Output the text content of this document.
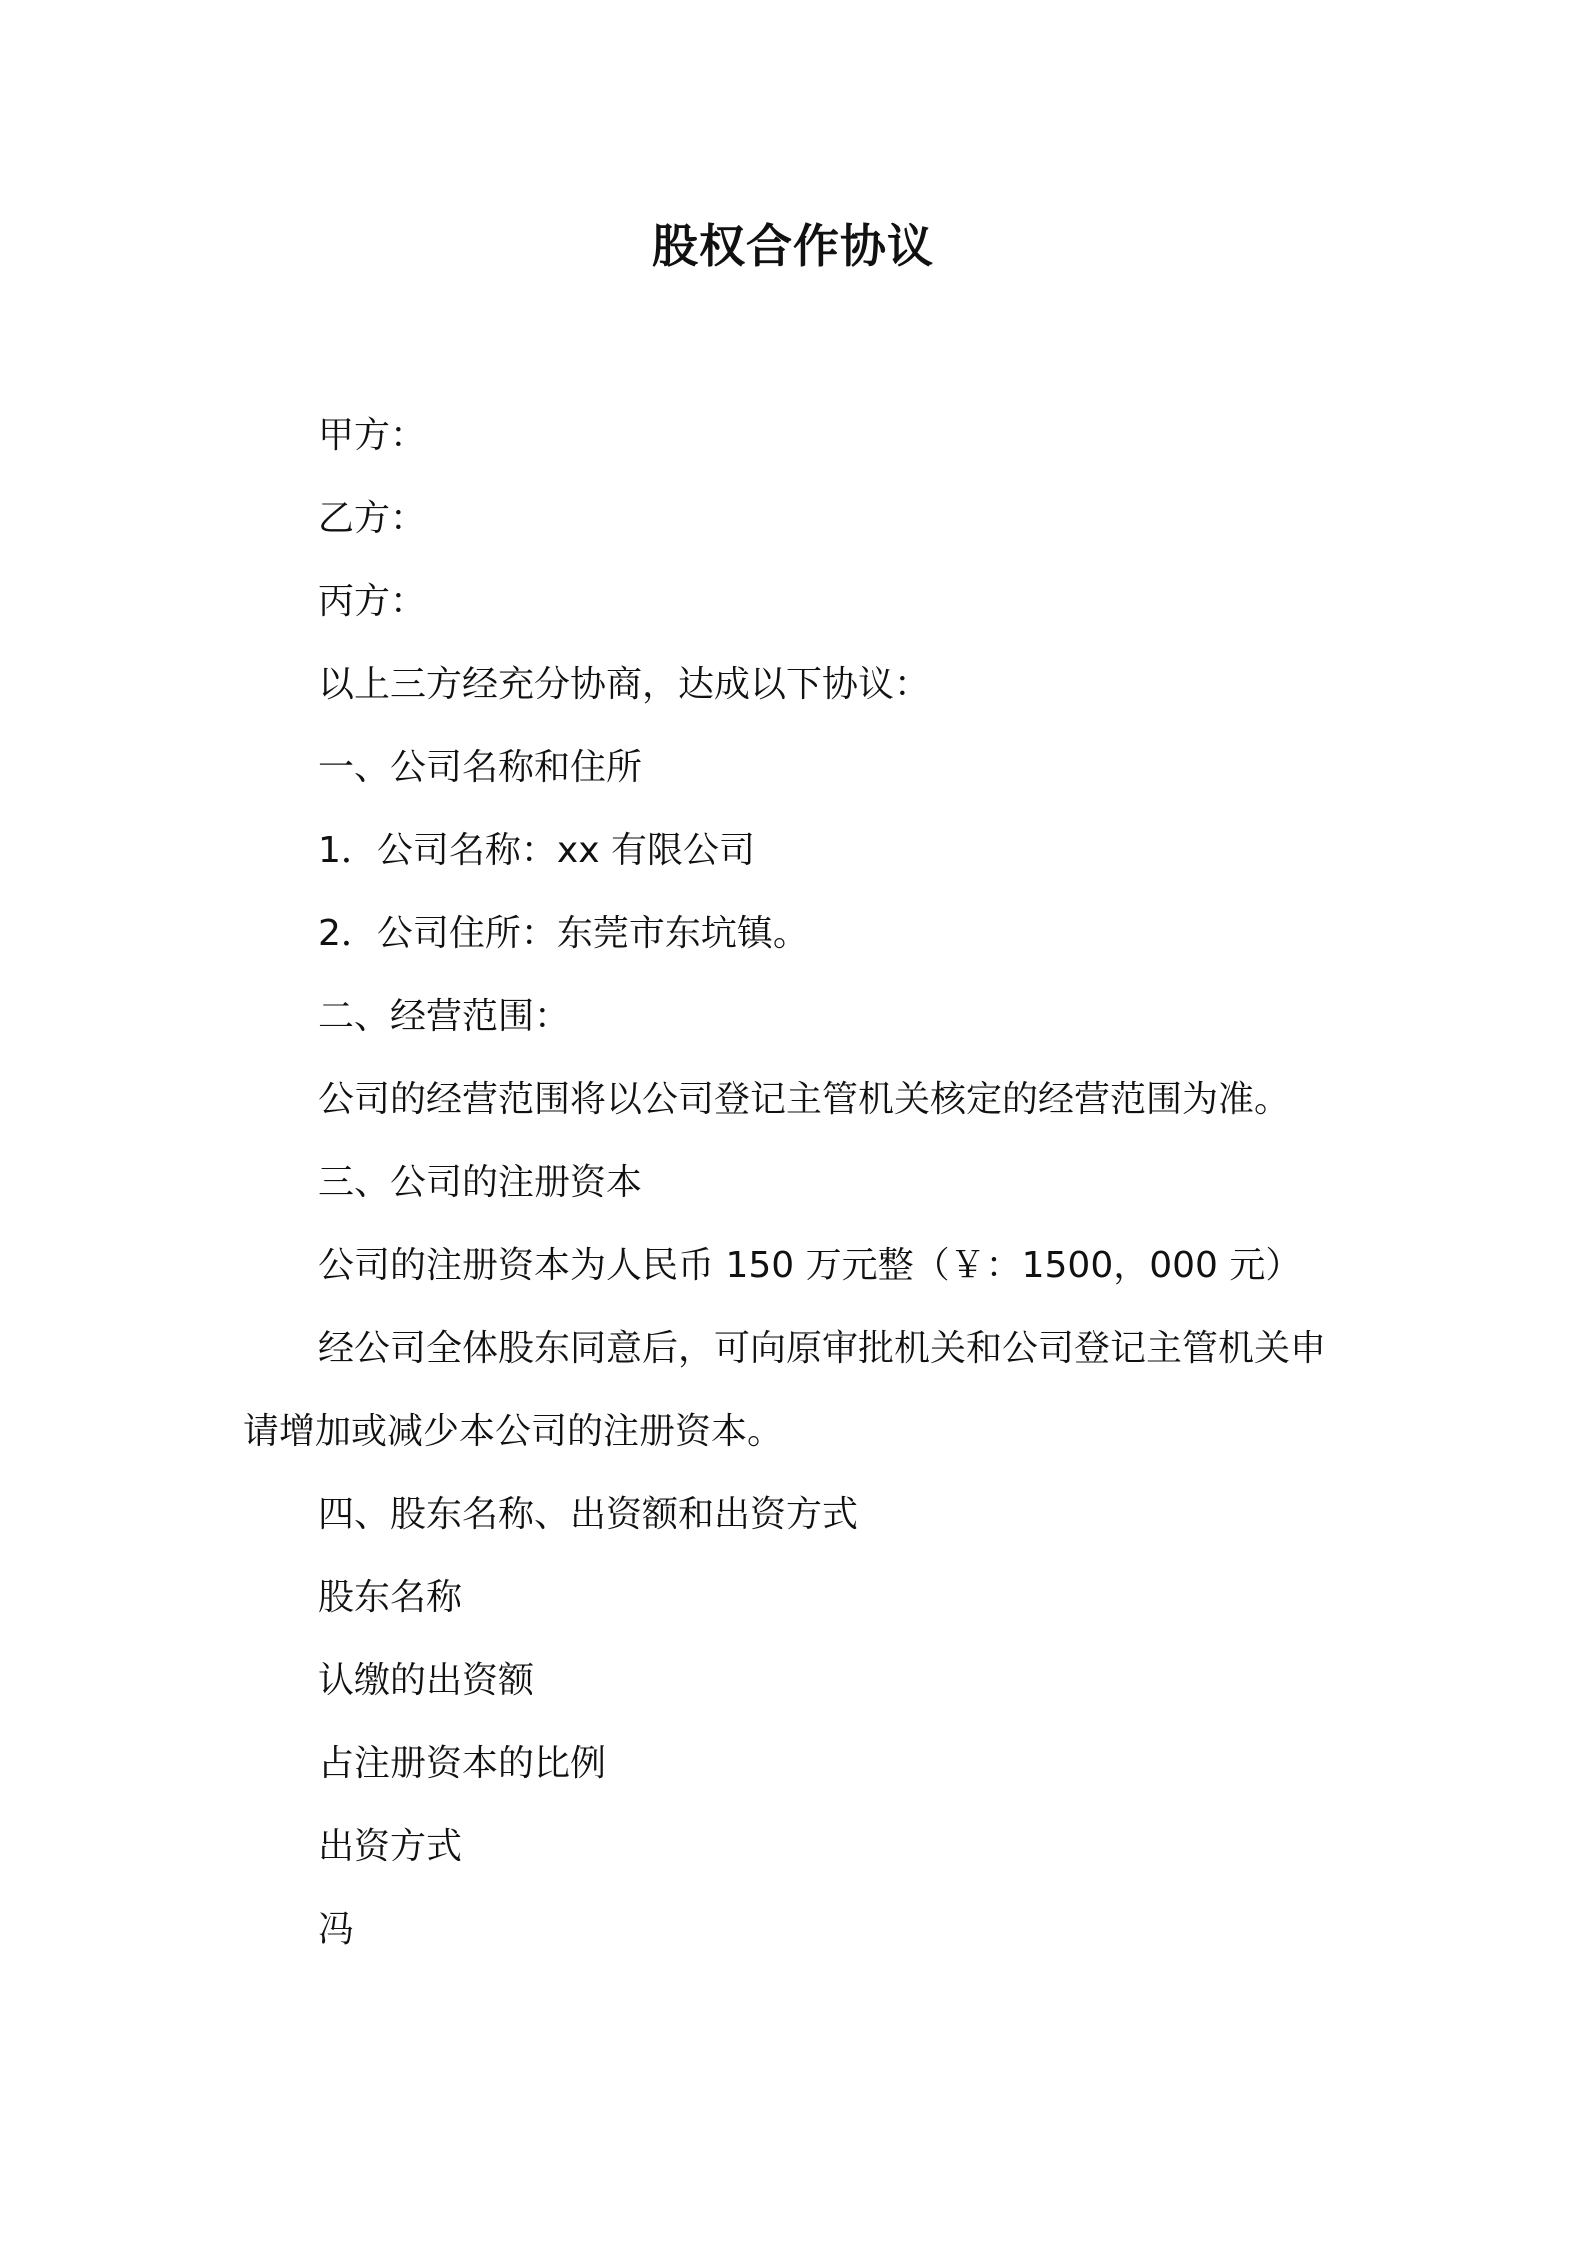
股权合作协议
甲方：
乙方：
丙方：
以上三方经充分协商，达成以下协议：
一、公司名称和住所
1．公司名称：xx 有限公司
2．公司住所：东莞市东坑镇。
二、经营范围：
公司的经营范围将以公司登记主管机关核定的经营范围为准。
三、公司的注册资本
公司的注册资本为人民币 150 万元整（￥：1500，000 元）
经公司全体股东同意后，可向原审批机关和公司登记主管机关申
请增加或减少本公司的注册资本。
四、股东名称、出资额和出资方式
股东名称
认缴的出资额
占注册资本的比例
出资方式
冯
